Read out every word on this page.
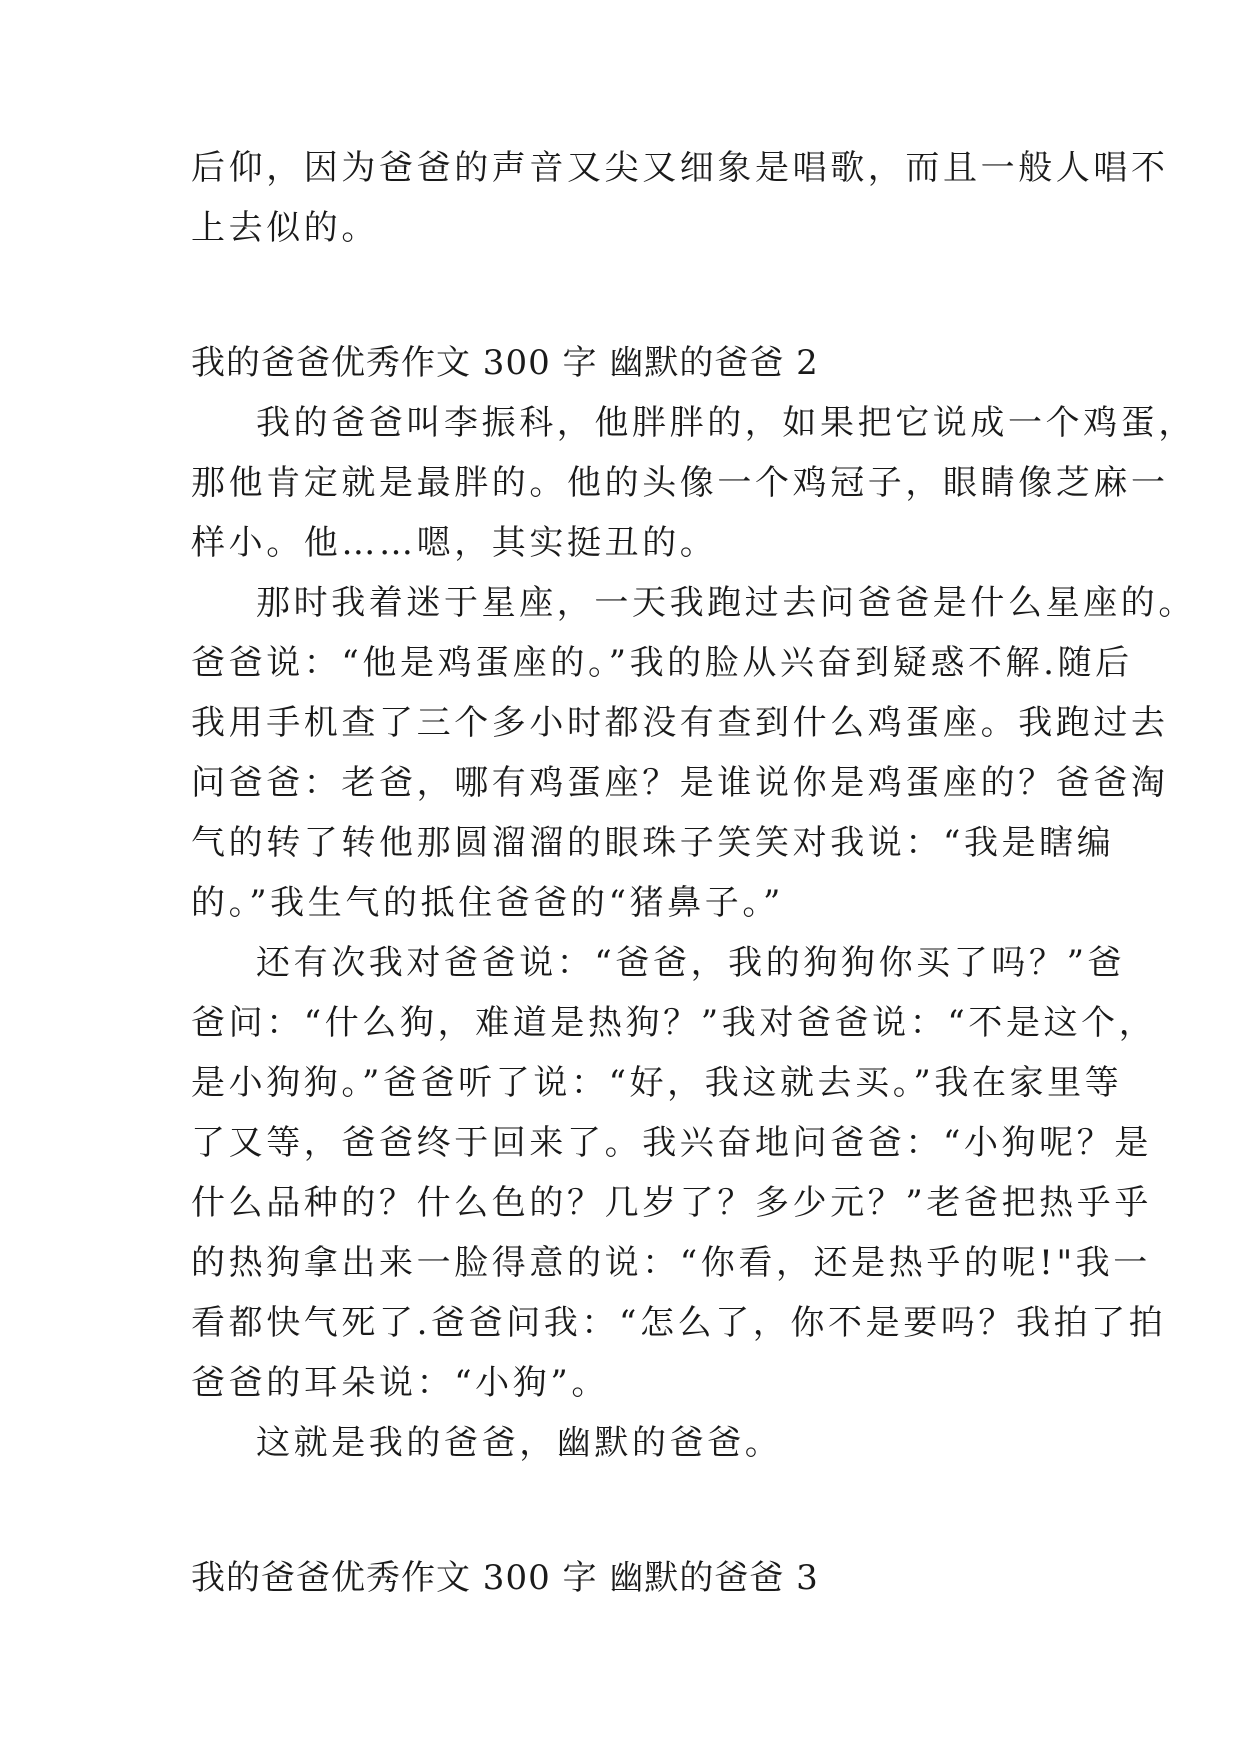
后仰，因为爸爸的声音又尖又细象是唱歌，而且一般人唱不

上去似的。

我的爸爸优秀作文 300 字 幽默的爸爸 2

我的爸爸叫李振科，他胖胖的，如果把它说成一个鸡蛋，

那他肯定就是最胖的。他的头像一个鸡冠子，眼睛像芝麻一

样小。他……嗯，其实挺丑的。

那时我着迷于星座，一天我跑过去问爸爸是什么星座的。

爸爸说：“他是鸡蛋座的。”我的脸从兴奋到疑惑不解.随后

我用手机查了三个多小时都没有查到什么鸡蛋座。我跑过去

问爸爸：老爸，哪有鸡蛋座？是谁说你是鸡蛋座的？爸爸淘

气的转了转他那圆溜溜的眼珠子笑笑对我说：“我是瞎编

的。”我生气的抵住爸爸的“猪鼻子。”

还有次我对爸爸说：“爸爸，我的狗狗你买了吗？”爸

爸问：“什么狗，难道是热狗？”我对爸爸说：“不是这个，

是小狗狗。”爸爸听了说：“好，我这就去买。”我在家里等

了又等，爸爸终于回来了。我兴奋地问爸爸：“小狗呢？是

什么品种的？什么色的？几岁了？多少元？”老爸把热乎乎

的热狗拿出来一脸得意的说：“你看，还是热乎的呢!"我一

看都快气死了.爸爸问我：“怎么了，你不是要吗？我拍了拍

爸爸的耳朵说：“小狗”。

这就是我的爸爸，幽默的爸爸。

我的爸爸优秀作文 300 字 幽默的爸爸 3
